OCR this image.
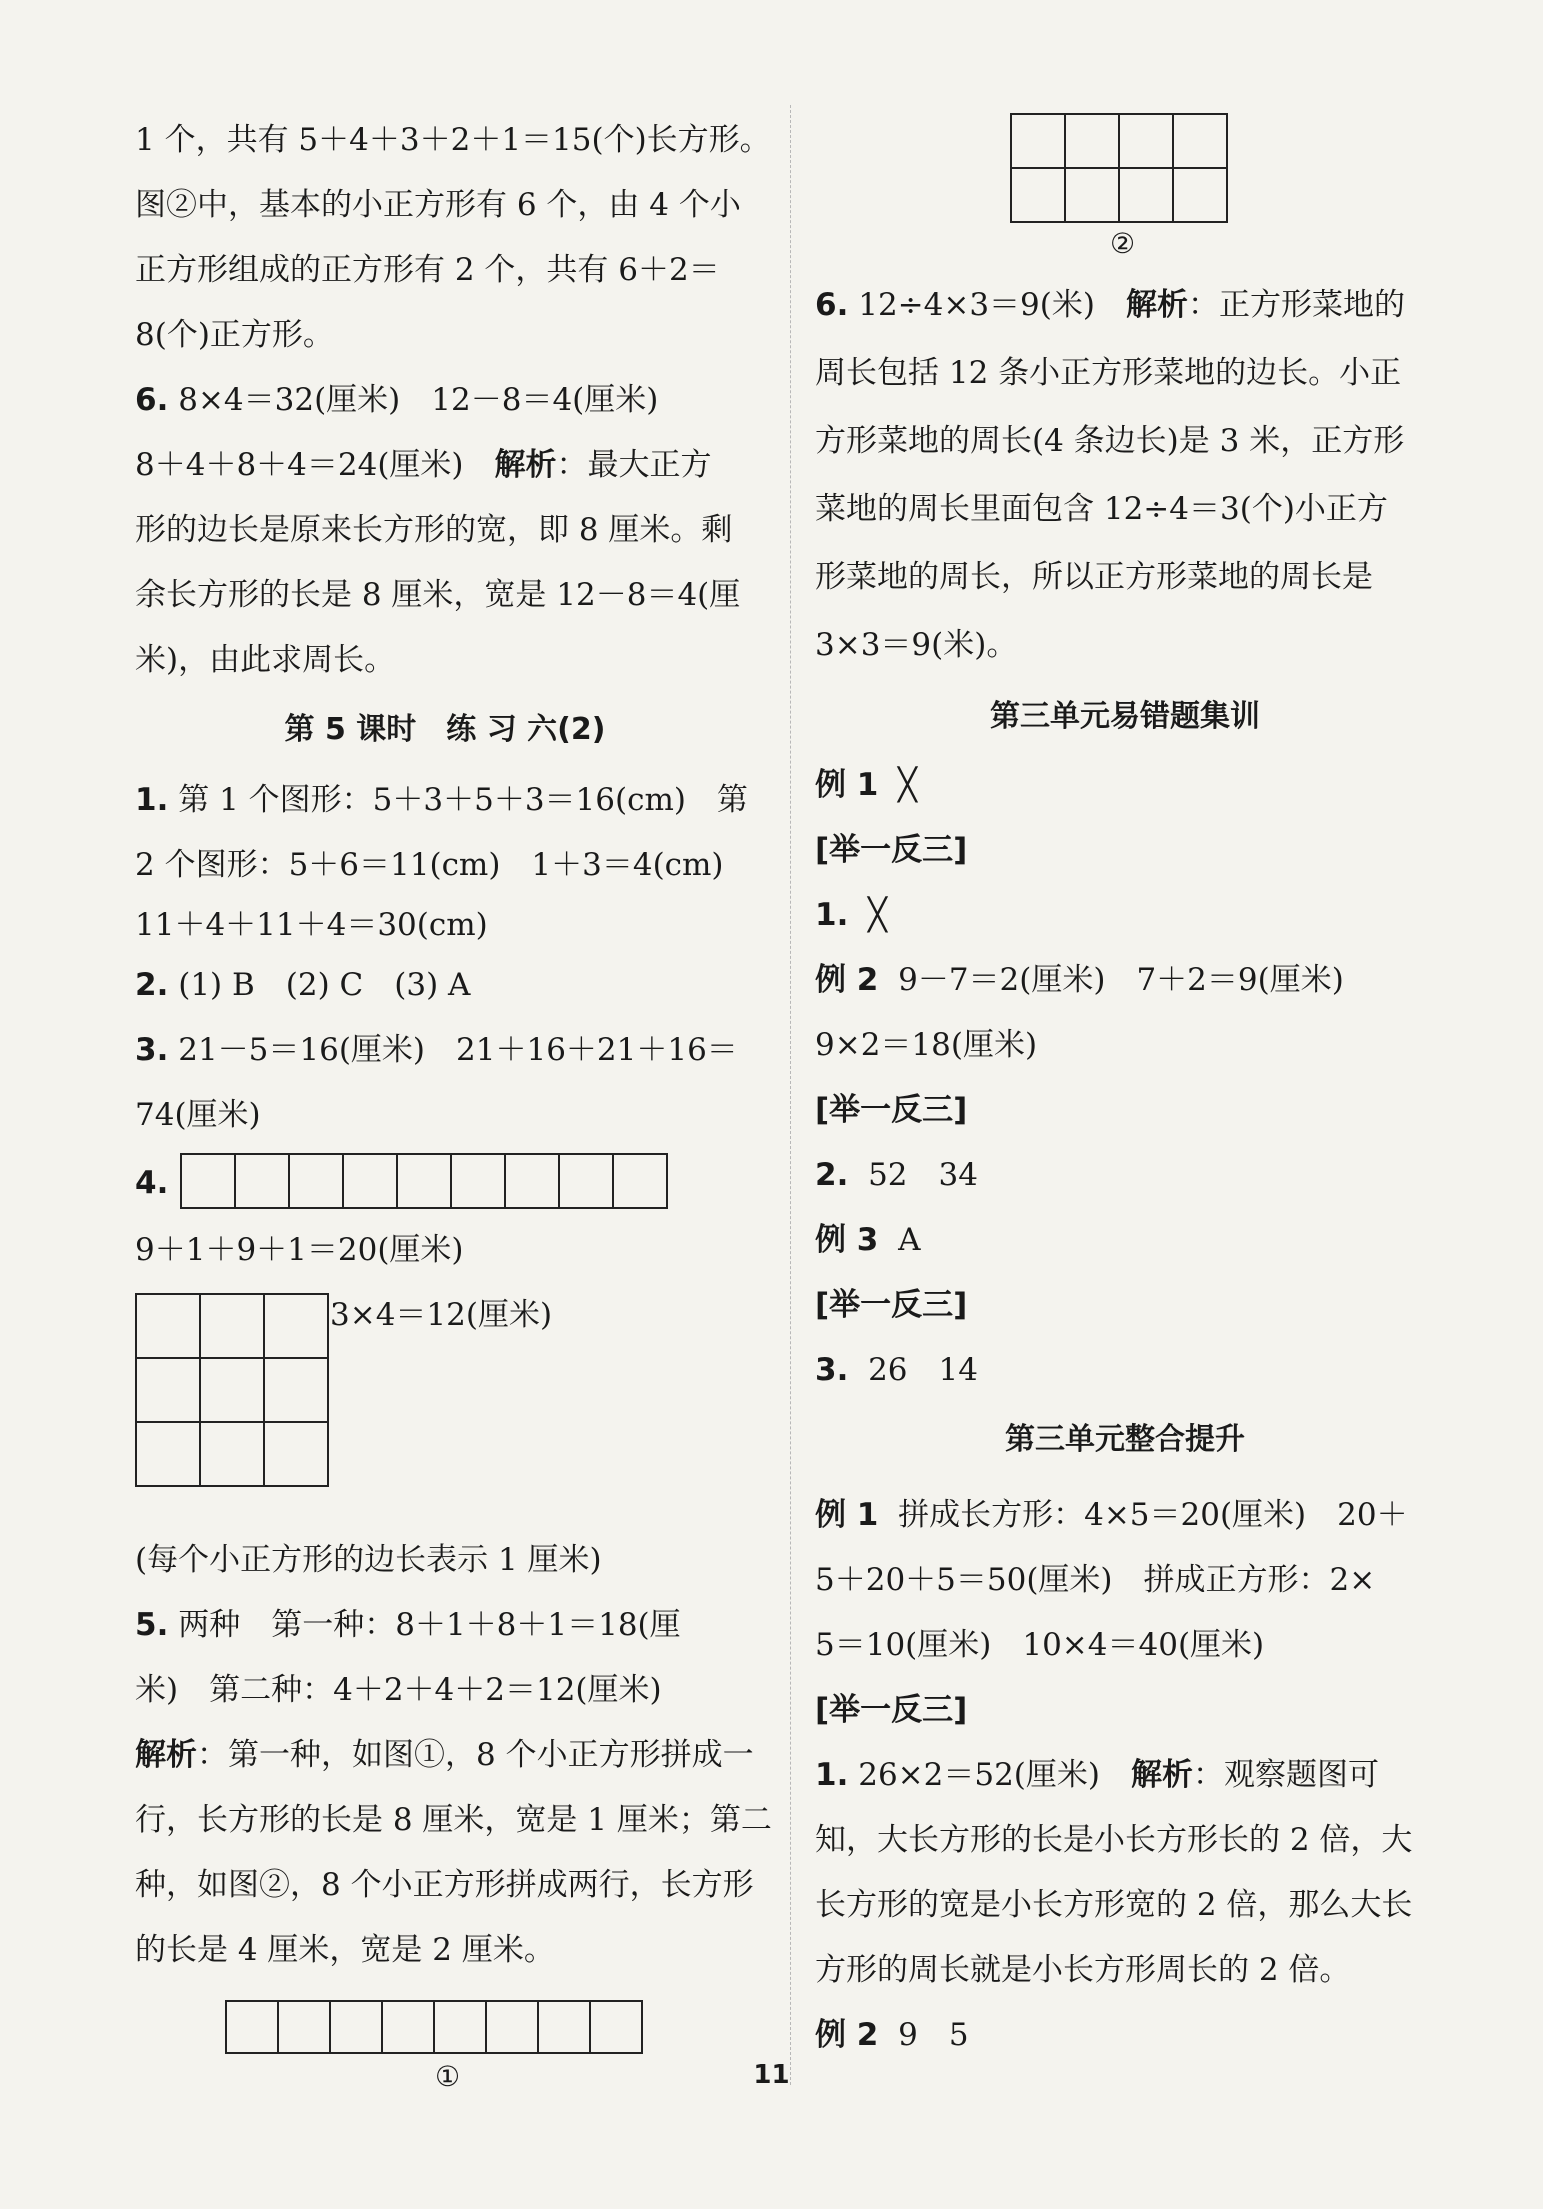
1 个，共有 5＋4＋3＋2＋1＝15(个)长方形。
图②中，基本的小正方形有 6 个，由 4 个小
正方形组成的正方形有 2 个，共有 6＋2＝
8(个)正方形。
6. 8×4＝32(厘米)　12－8＝4(厘米)
8＋4＋8＋4＝24(厘米)　解析：最大正方
形的边长是原来长方形的宽，即 8 厘米。剩
余长方形的长是 8 厘米，宽是 12－8＝4(厘
米)，由此求周长。
第 5 课时　练 习 六(2)
1. 第 1 个图形：5＋3＋5＋3＝16(cm)　第
2 个图形：5＋6＝11(cm)　1＋3＝4(cm)
11＋4＋11＋4＝30(cm)
2. (1) B　(2) C　(3) A
3. 21－5＝16(厘米)　21＋16＋21＋16＝
74(厘米)
4.

9＋1＋9＋1＝20(厘米)

3×4＝12(厘米)
(每个小正方形的边长表示 1 厘米)
5. 两种　第一种：8＋1＋8＋1＝18(厘
米)　第二种：4＋2＋4＋2＝12(厘米)
解析：第一种，如图①，8 个小正方形拼成一
行，长方形的长是 8 厘米，宽是 1 厘米；第二
种，如图②，8 个小正方形拼成两行，长方形
的长是 4 厘米，宽是 2 厘米。

①

②
6. 12÷4×3＝9(米)　解析：正方形菜地的
周长包括 12 条小正方形菜地的边长。小正
方形菜地的周长(4 条边长)是 3 米，正方形
菜地的周长里面包含 12÷4＝3(个)小正方
形菜地的周长，所以正方形菜地的周长是
3×3＝9(米)。
第三单元易错题集训
例 1 ╳
[举一反三]
1. ╳
例 2 9－7＝2(厘米)　7＋2＝9(厘米)
9×2＝18(厘米)
[举一反三]
2. 52　34
例 3 A
[举一反三]
3. 26　14
第三单元整合提升
例 1 拼成长方形：4×5＝20(厘米)　20＋
5＋20＋5＝50(厘米)　拼成正方形：2×
5＝10(厘米)　10×4＝40(厘米)
[举一反三]
1. 26×2＝52(厘米)　解析：观察题图可
知，大长方形的长是小长方形长的 2 倍，大
长方形的宽是小长方形宽的 2 倍，那么大长
方形的周长就是小长方形周长的 2 倍。
例 2 9　5
11
